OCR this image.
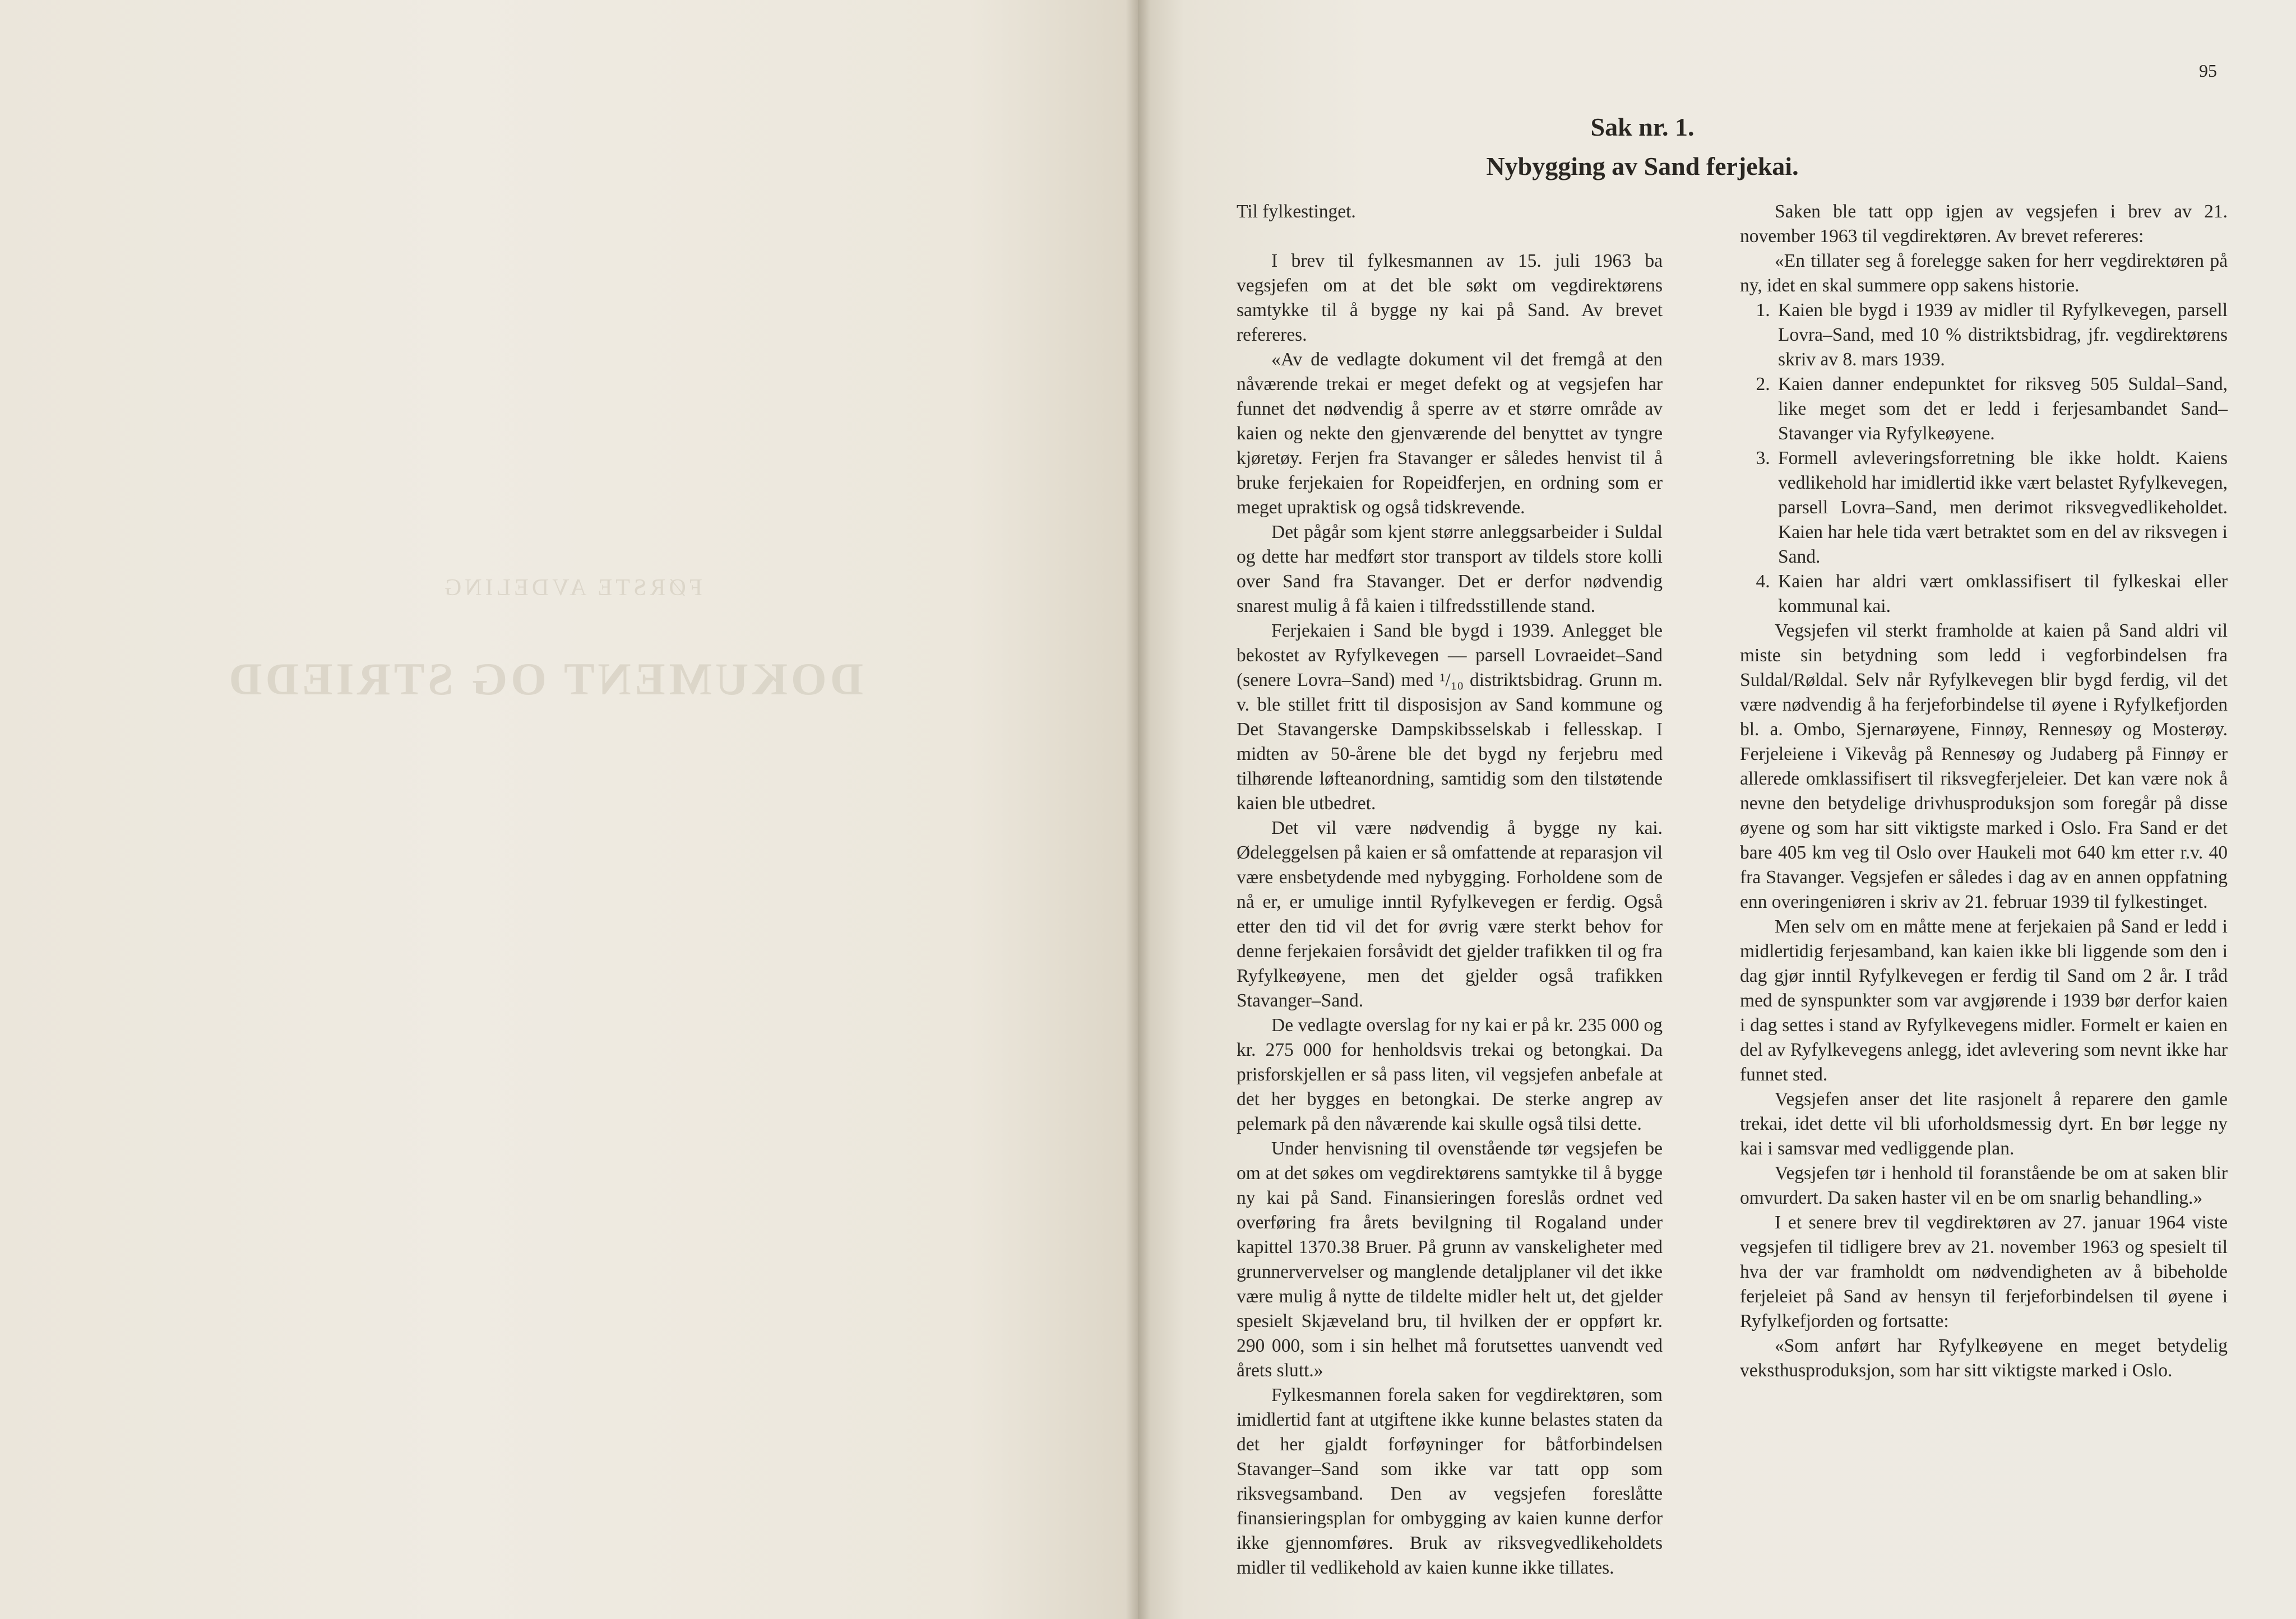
FØRSTE AVDELING
DOKUMENT OG STRIEDD
95
Sak nr. 1.
Nybygging av Sand ferjekai.

Til fylkestinget.

I brev til fylkesmannen av 15. juli 1963 ba vegsjefen om at det ble søkt om vegdirektørens samtykke til å bygge ny kai på Sand. Av brevet refereres.

«Av de vedlagte dokument vil det fremgå at den nåværende trekai er meget defekt og at vegsjefen har funnet det nødvendig å sperre av et større område av kaien og nekte den gjenværende del benyttet av tyngre kjøretøy. Ferjen fra Stavanger er således henvist til å bruke ferjekaien for Ropeidferjen, en ordning som er meget upraktisk og også tidskrevende.

Det pågår som kjent større anleggsarbeider i Suldal og dette har medført stor transport av tildels store kolli over Sand fra Stavanger. Det er derfor nødvendig snarest mulig å få kaien i tilfredsstillende stand.

Ferjekaien i Sand ble bygd i 1939. Anlegget ble bekostet av Ryfylkevegen — parsell Lovraeidet–Sand (senere Lovra–Sand) med ¹/₁₀ distriktsbidrag. Grunn m. v. ble stillet fritt til disposisjon av Sand kommune og Det Stavangerske Dampskibsselskab i fellesskap. I midten av 50-årene ble det bygd ny ferjebru med tilhørende løfteanordning, samtidig som den tilstøtende kaien ble utbedret.

Det vil være nødvendig å bygge ny kai. Ødeleggelsen på kaien er så omfattende at reparasjon vil være ensbetydende med nybygging. Forholdene som de nå er, er umulige inntil Ryfylkevegen er ferdig. Også etter den tid vil det for øvrig være sterkt behov for denne ferjekaien forsåvidt det gjelder trafikken til og fra Ryfylkeøyene, men det gjelder også trafikken Stavanger–Sand.

De vedlagte overslag for ny kai er på kr. 235 000 og kr. 275 000 for henholdsvis trekai og betongkai. Da prisforskjellen er så pass liten, vil vegsjefen anbefale at det her bygges en betongkai. De sterke angrep av pelemark på den nåværende kai skulle også tilsi dette.

Under henvisning til ovenstående tør vegsjefen be om at det søkes om vegdirektørens samtykke til å bygge ny kai på Sand. Finansieringen foreslås ordnet ved overføring fra årets bevilgning til Rogaland under kapittel 1370.38 Bruer. På grunn av vanskeligheter med grunnervervelser og manglende detaljplaner vil det ikke være mulig å nytte de tildelte midler helt ut, det gjelder spesielt Skjæveland bru, til hvilken der er oppført kr. 290 000, som i sin helhet må forutsettes uanvendt ved årets slutt.»

Fylkesmannen forela saken for vegdirektøren, som imidlertid fant at utgiftene ikke kunne belastes staten da det her gjaldt forføyninger for båtforbindelsen Stavanger–Sand som ikke var tatt opp som riksvegsamband. Den av vegsjefen foreslåtte finansieringsplan for ombygging av kaien kunne derfor ikke gjennomføres. Bruk av riksvegvedlikeholdets midler til vedlikehold av kaien kunne ikke tillates.

Saken ble tatt opp igjen av vegsjefen i brev av 21. november 1963 til vegdirektøren. Av brevet refereres:

«En tillater seg å forelegge saken for herr vegdirektøren på ny, idet en skal summere opp sakens historie.

1. Kaien ble bygd i 1939 av midler til Ryfylkevegen, parsell Lovra–Sand, med 10 % distriktsbidrag, jfr. vegdirektørens skriv av 8. mars 1939.
2. Kaien danner endepunktet for riksveg 505 Suldal–Sand, like meget som det er ledd i ferjesambandet Sand–Stavanger via Ryfylkeøyene.
3. Formell avleveringsforretning ble ikke holdt. Kaiens vedlikehold har imidlertid ikke vært belastet Ryfylkevegen, parsell Lovra–Sand, men derimot riksvegvedlikeholdet. Kaien har hele tida vært betraktet som en del av riksvegen i Sand.
4. Kaien har aldri vært omklassifisert til fylkeskai eller kommunal kai.

Vegsjefen vil sterkt framholde at kaien på Sand aldri vil miste sin betydning som ledd i vegforbindelsen fra Suldal/Røldal. Selv når Ryfylkevegen blir bygd ferdig, vil det være nødvendig å ha ferjeforbindelse til øyene i Ryfylkefjorden bl. a. Ombo, Sjernarøyene, Finnøy, Rennesøy og Mosterøy. Ferjeleiene i Vikevåg på Rennesøy og Judaberg på Finnøy er allerede omklassifisert til riksvegferjeleier. Det kan være nok å nevne den betydelige drivhusproduksjon som foregår på disse øyene og som har sitt viktigste marked i Oslo. Fra Sand er det bare 405 km veg til Oslo over Haukeli mot 640 km etter r.v. 40 fra Stavanger. Vegsjefen er således i dag av en annen oppfatning enn overingeniøren i skriv av 21. februar 1939 til fylkestinget.

Men selv om en måtte mene at ferjekaien på Sand er ledd i midlertidig ferjesamband, kan kaien ikke bli liggende som den i dag gjør inntil Ryfylkevegen er ferdig til Sand om 2 år. I tråd med de synspunkter som var avgjørende i 1939 bør derfor kaien i dag settes i stand av Ryfylkevegens midler. Formelt er kaien en del av Ryfylkevegens anlegg, idet avlevering som nevnt ikke har funnet sted.

Vegsjefen anser det lite rasjonelt å reparere den gamle trekai, idet dette vil bli uforholdsmessig dyrt. En bør legge ny kai i samsvar med vedliggende plan.

Vegsjefen tør i henhold til foranstående be om at saken blir omvurdert. Da saken haster vil en be om snarlig behandling.»

I et senere brev til vegdirektøren av 27. januar 1964 viste vegsjefen til tidligere brev av 21. november 1963 og spesielt til hva der var framholdt om nødvendigheten av å bibeholde ferjeleiet på Sand av hensyn til ferjeforbindelsen til øyene i Ryfylkefjorden og fortsatte:

«Som anført har Ryfylkeøyene en meget betydelig veksthusproduksjon, som har sitt viktigste marked i Oslo.
